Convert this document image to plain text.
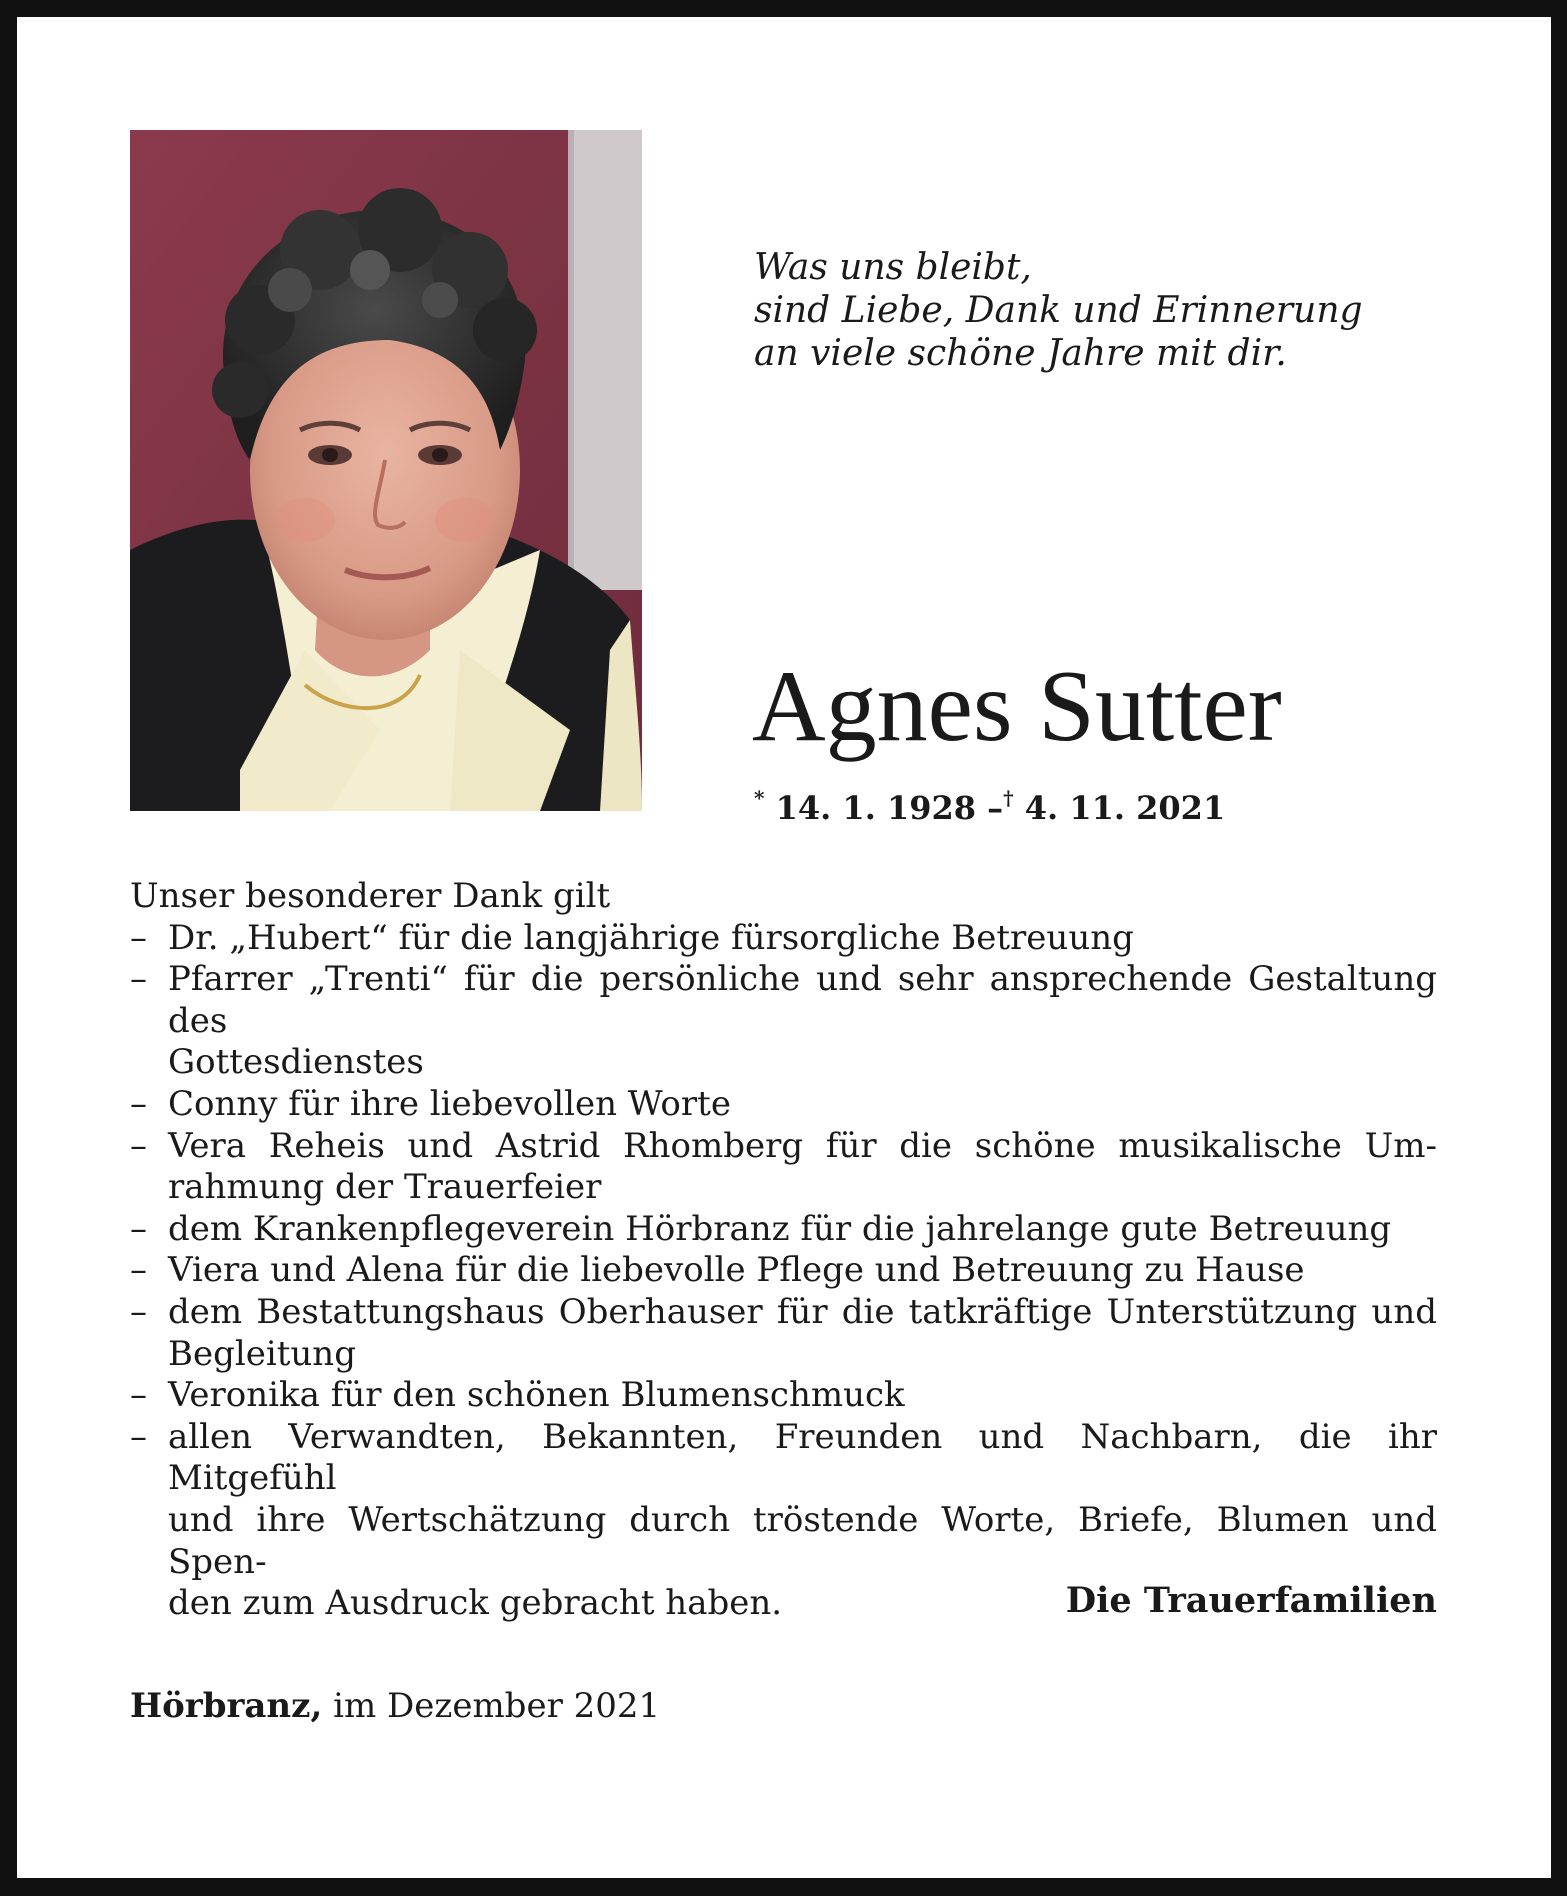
Was uns bleibt,
sind Liebe, Dank und Erinnerung
an viele schöne Jahre mit dir.
Agnes Sutter
* 14. 1. 1928 –† 4. 11. 2021
Unser besonderer Dank gilt
– Dr. „Hubert“ für die langjährige fürsorgliche Betreuung
– Pfarrer „Trenti“ für die persönliche und sehr ansprechende Gestaltung des
Gottesdienstes
– Conny für ihre liebevollen Worte
– Vera Reheis und Astrid Rhomberg für die schöne musikalische Um-
rahmung der Trauerfeier
– dem Krankenpflegeverein Hörbranz für die jahrelange gute Betreuung
– Viera und Alena für die liebevolle Pflege und Betreuung zu Hause
– dem Bestattungshaus Oberhauser für die tatkräftige Unterstützung und
Begleitung
– Veronika für den schönen Blumenschmuck
– allen Verwandten, Bekannten, Freunden und Nachbarn, die ihr Mitgefühl
und ihre Wertschätzung durch tröstende Worte, Briefe, Blumen und Spen-
den zum Ausdruck gebracht haben.	Die Trauerfamilien
Hörbranz, im Dezember 2021
